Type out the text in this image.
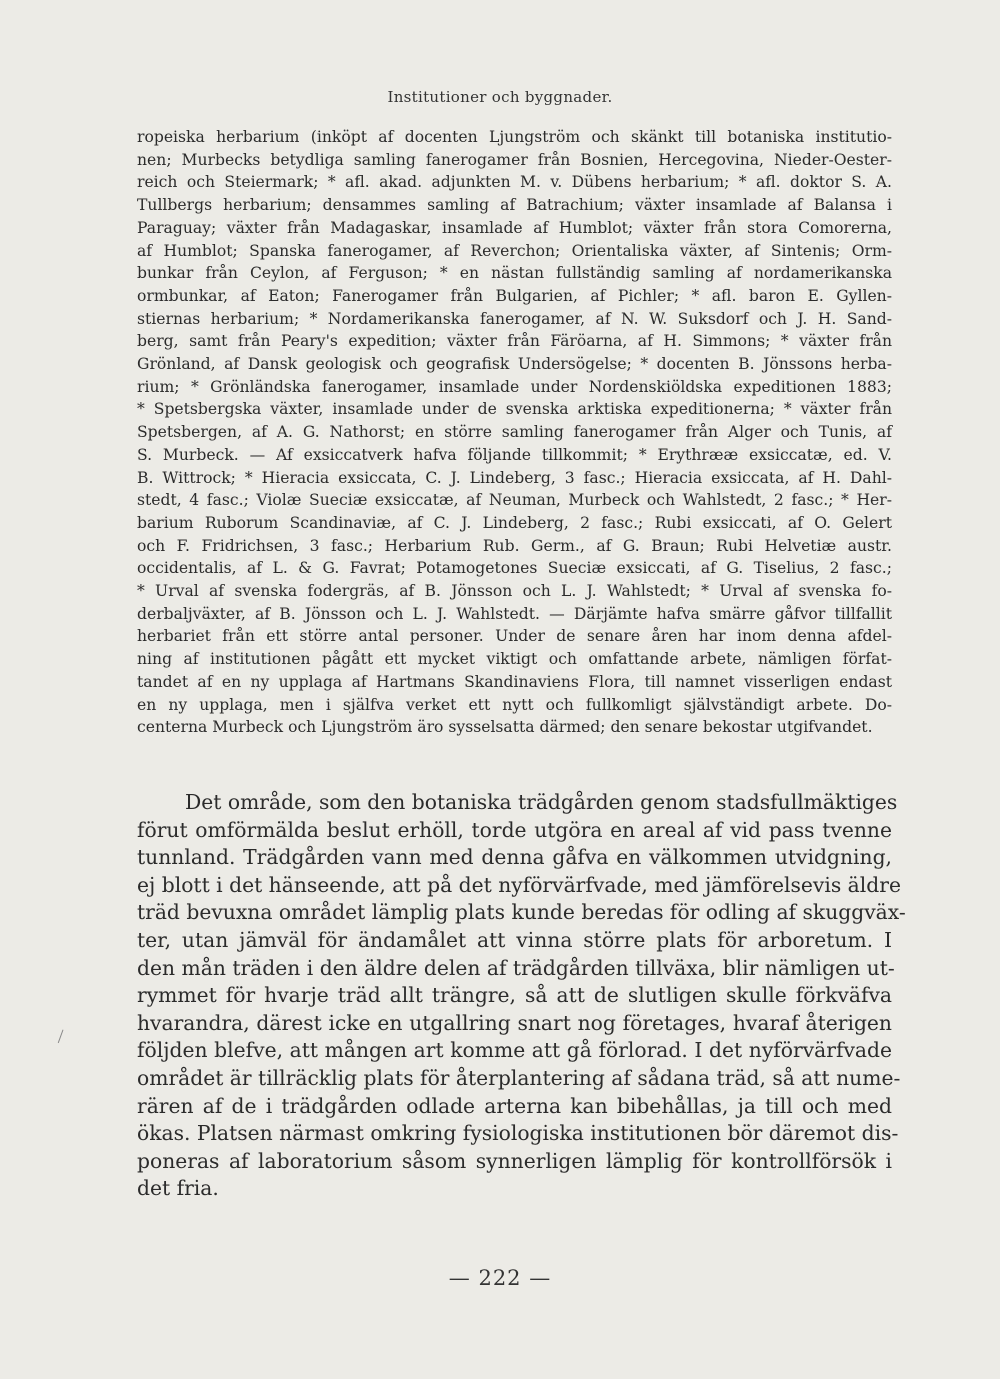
Institutioner och byggnader.
ropeiska herbarium (inköpt af docenten Ljungström och skänkt till botaniska institutio-
nen; Murbecks betydliga samling fanerogamer från Bosnien, Hercegovina, Nieder-Oester-
reich och Steiermark; * afl. akad. adjunkten M. v. Dübens herbarium; * afl. doktor S. A.
Tullbergs herbarium; densammes samling af Batrachium; växter insamlade af Balansa i
Paraguay; växter från Madagaskar, insamlade af Humblot; växter från stora Comorerna,
af Humblot; Spanska fanerogamer, af Reverchon; Orientaliska växter, af Sintenis; Orm-
bunkar från Ceylon, af Ferguson; * en nästan fullständig samling af nordamerikanska
ormbunkar, af Eaton; Fanerogamer från Bulgarien, af Pichler; * afl. baron E. Gyllen-
stiernas herbarium; * Nordamerikanska fanerogamer, af N. W. Suksdorf och J. H. Sand-
berg, samt från Peary's expedition; växter från Färöarna, af H. Simmons; * växter från
Grönland, af Dansk geologisk och geografisk Undersögelse; * docenten B. Jönssons herba-
rium; * Grönländska fanerogamer, insamlade under Nordenskiöldska expeditionen 1883;
* Spetsbergska växter, insamlade under de svenska arktiska expeditionerna; * växter från
Spetsbergen, af A. G. Nathorst; en större samling fanerogamer från Alger och Tunis, af
S. Murbeck. — Af exsiccatverk hafva följande tillkommit; * Erythrææ exsiccatæ, ed. V.
B. Wittrock; * Hieracia exsiccata, C. J. Lindeberg, 3 fasc.; Hieracia exsiccata, af H. Dahl-
stedt, 4 fasc.; Violæ Sueciæ exsiccatæ, af Neuman, Murbeck och Wahlstedt, 2 fasc.; * Her-
barium Ruborum Scandinaviæ, af C. J. Lindeberg, 2 fasc.; Rubi exsiccati, af O. Gelert
och F. Fridrichsen, 3 fasc.; Herbarium Rub. Germ., af G. Braun; Rubi Helvetiæ austr.
occidentalis, af L. & G. Favrat; Potamogetones Sueciæ exsiccati, af G. Tiselius, 2 fasc.;
* Urval af svenska fodergräs, af B. Jönsson och L. J. Wahlstedt; * Urval af svenska fo-
derbaljväxter, af B. Jönsson och L. J. Wahlstedt. — Därjämte hafva smärre gåfvor tillfallit
herbariet från ett större antal personer. Under de senare åren har inom denna afdel-
ning af institutionen pågått ett mycket viktigt och omfattande arbete, nämligen förfat-
tandet af en ny upplaga af Hartmans Skandinaviens Flora, till namnet visserligen endast
en ny upplaga, men i själfva verket ett nytt och fullkomligt självständigt arbete. Do-
centerna Murbeck och Ljungström äro sysselsatta därmed; den senare bekostar utgifvandet.
Det område, som den botaniska trädgården genom stadsfullmäktiges
förut omförmälda beslut erhöll, torde utgöra en areal af vid pass tvenne
tunnland. Trädgården vann med denna gåfva en välkommen utvidgning,
ej blott i det hänseende, att på det nyförvärfvade, med jämförelsevis äldre
träd bevuxna området lämplig plats kunde beredas för odling af skuggväx-
ter, utan jämväl för ändamålet att vinna större plats för arboretum. I
den mån träden i den äldre delen af trädgården tillväxa, blir nämligen ut-
rymmet för hvarje träd allt trängre, så att de slutligen skulle förkväfva
hvarandra, därest icke en utgallring snart nog företages, hvaraf återigen
följden blefve, att mången art komme att gå förlorad. I det nyförvärfvade
området är tillräcklig plats för återplantering af sådana träd, så att nume-
rären af de i trädgården odlade arterna kan bibehållas, ja till och med
ökas. Platsen närmast omkring fysiologiska institutionen bör däremot dis-
poneras af laboratorium såsom synnerligen lämplig för kontrollförsök i
det fria.
— 222 —
